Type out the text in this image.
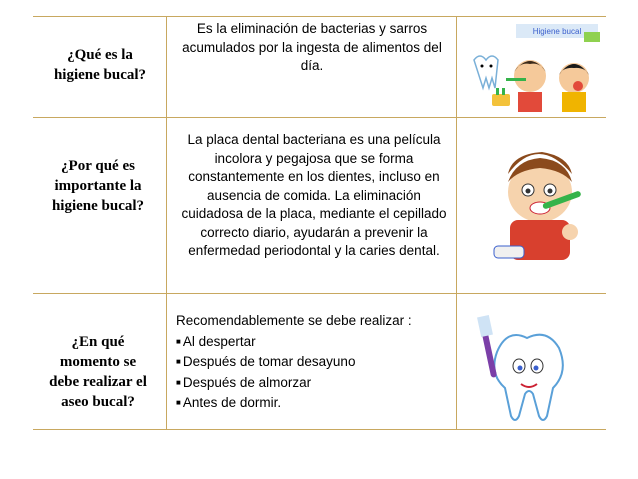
¿Qué es la
higiene bucal?
Es la eliminación de bacterias y sarros acumulados por la ingesta de alimentos del día.
Higiene bucal
¿Por qué es
importante la
higiene bucal?
La placa dental bacteriana es una película incolora y pegajosa que se forma constantemente en los dientes, incluso en ausencia de comida. La eliminación cuidadosa de la placa, mediante el cepillado correcto diario, ayudarán a prevenir la enfermedad periodontal y la caries dental.
¿En qué
momento se
debe realizar el
aseo bucal?
Recomendablemente se debe realizar :
■ Al despertar
■ Después de tomar desayuno
■ Después de almorzar
■ Antes de dormir.
